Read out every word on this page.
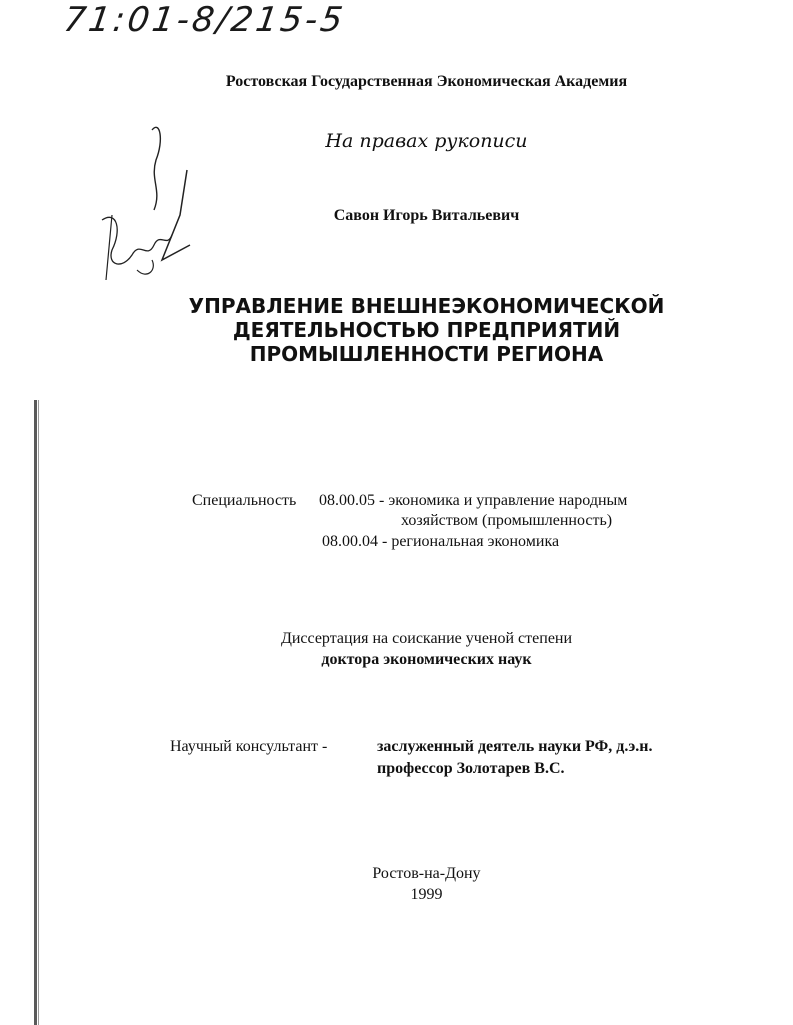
71:01-8/215-5
Ростовская Государственная Экономическая Академия
На правах рукописи
Савон Игорь Витальевич
УПРАВЛЕНИЕ ВНЕШНЕЭКОНОМИЧЕСКОЙ
ДЕЯТЕЛЬНОСТЬЮ ПРЕДПРИЯТИЙ
ПРОМЫШЛЕННОСТИ РЕГИОНА
Специальность 08.00.05 - экономика и управление народным
хозяйством (промышленность)
08.00.04 - региональная экономика
Диссертация на соискание ученой степени
доктора экономических наук
Научный консультант -	заслуженный деятель науки РФ, д.э.н.
профессор Золотарев В.С.
Ростов-на-Дону
1999
